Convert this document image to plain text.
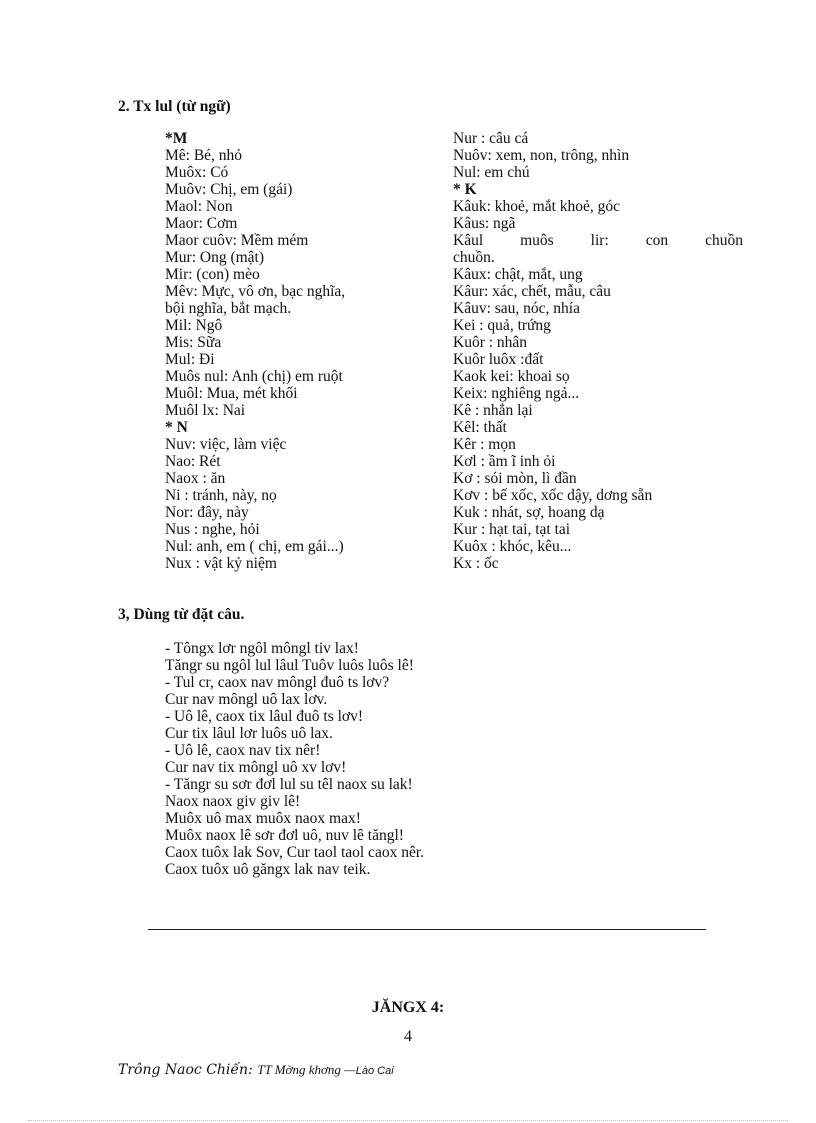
2. Tx lul (từ ngữ)
*M
Mê: Bé, nhỏ
Muôx: Có
Muôv: Chị, em (gái)
Maol: Non
Maor: Cơm
Maor cuôv: Mềm mém
Mur: Ong (mật)
Mir: (con) mèo
Mêv: Mực, vô ơn, bạc nghĩa,
bội nghĩa, bắt mạch.
Mil: Ngô
Mis: Sữa
Mul: Đi
Muôs nul: Anh (chị) em ruột
Muôl: Mua, mét khối
Muôl lx: Nai
* N
Nuv: việc, làm việc
Nao: Rét
Naox : ăn
Ni : tránh, này, nọ
Nor: đây, này
Nus : nghe, hỏi
Nul: anh, em ( chị, em gái...)
Nux : vật kỷ niệm
Nur : câu cá
Nuôv: xem, non, trông, nhìn
Nul: em chú
* K
Kâuk: khoẻ, mắt khoẻ, góc
Kâus: ngã
Kâul muôs lir: con chuồn
chuồn.
Kâux: chật, mắt, ung
Kâur: xác, chết, mẫu, câu
Kâuv: sau, nóc, nhía
Kei : quả, trứng
Kuôr : nhân
Kuôr luôx :đất
Kaok kei: khoai sọ
Keix: nghiêng ngả...
Kê : nhắn lại
Kêl: thất
Kêr : mọn
Kơl : ầm ĩ inh ỏi
Kơ : sói mòn, lì đần
Kơv : bế xốc, xốc dậy, dơng sẵn
Kuk : nhát, sợ, hoang dạ
Kur : hạt tai, tạt tai
Kuôx : khóc, kêu...
Kx : ốc
3, Dùng từ đặt câu.
- Tôngx lơr ngôl môngl tiv lax!
Tăngr su ngôl lul lâul Tuôv luôs luôs lê!
- Tul cr, caox nav môngl đuô ts lơv?
Cur nav môngl uô lax lơv.
- Uô lê, caox tix lâul đuô ts lơv!
Cur tix lâul lơr luôs uô lax.
- Uô lê, caox nav tix nêr!
Cur nav tix môngl uô xv lơv!
- Tăngr su sơr đơl lul su têl naox su lak!
Naox naox giv giv lê!
Muôx uô max muôx naox max!
Muôx naox lê sơr đơl uô, nuv lê tăngl!
Caox tuôx lak Sov, Cur taol taol caox nêr.
Caox tuôx uô găngx lak nav teik.
JĂNGX 4:
4
Trông Naoc Chiến: TT Mờng khơng —Lào Cai
